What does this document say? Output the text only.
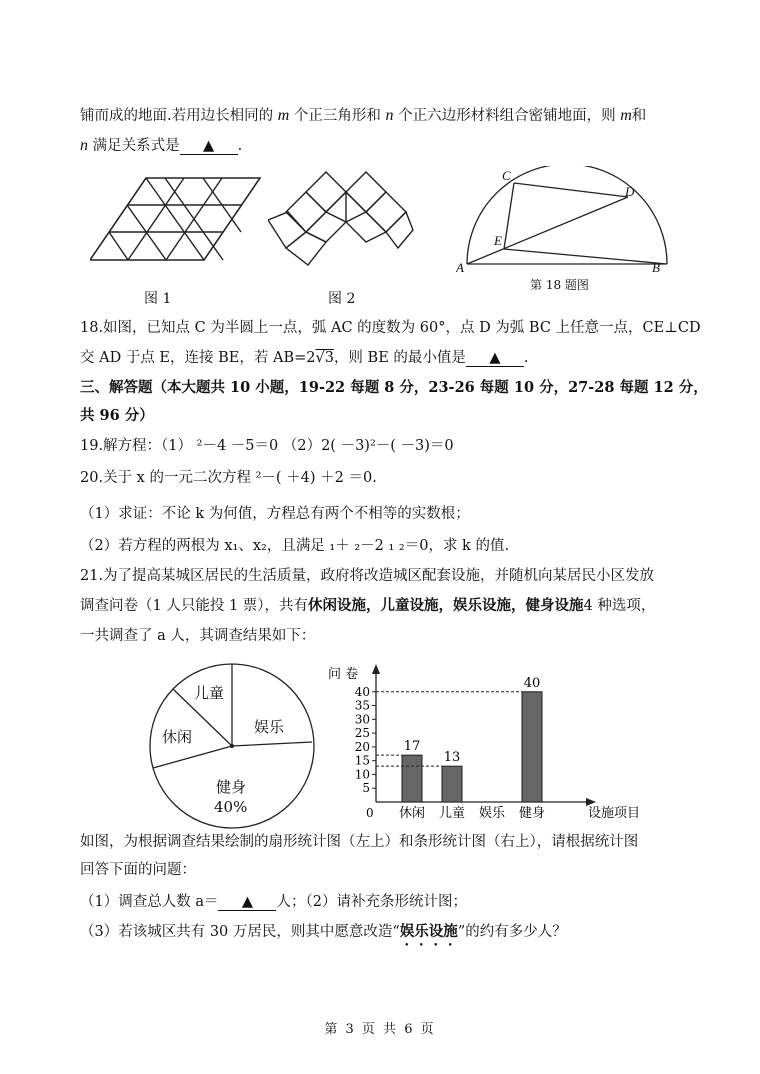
铺而成的地面.若用边长相同的 m 个正三角形和 n 个正六边形材料组合密铺地面，则 m和
n 满足关系式是 ▲ .
图 1	图 2
C
D
E
A	B
第 18 题图
18.如图，已知点 C 为半圆上一点，弧 AC 的度数为 60°，点 D 为弧 BC 上任意一点，CE⊥CD
交 AD 于点 E，连接 BE，若 AB=2√3，则 BE 的最小值是 ▲ .
三、解答题（本大题共 10 小题，19-22 每题 8 分，23-26 每题 10 分，27-28 每题 12 分，
共 96 分）
19.解方程：（1） ²－4 －5＝0 （2）2( －3)²－( －3)＝0
20.关于 x 的一元二次方程 ²－( ＋4) ＋2 ＝0.
（1）求证：不论 k 为何值，方程总有两个不相等的实数根；
（2）若方程的两根为 x₁、x₂，且满足 ₁＋ ₂－2 ₁ ₂＝0，求 k 的值.
21.为了提高某城区居民的生活质量，政府将改造城区配套设施，并随机向某居民小区发放
调查问卷（1 人只能投 1 票），共有休闲设施，儿童设施，娱乐设施，健身设施4 种选项，
一共调查了 a 人，其调查结果如下：
儿童
休闲
娱乐
健身
40%
问 卷
设施项目
0
5
10
15
20
25
30
35
40
17
休闲
13
儿童 娱乐
40
健身
如图，为根据调查结果绘制的扇形统计图（左上）和条形统计图（右上），请根据统计图
回答下面的问题：
（1）调查总人数 a＝ ▲ 人；（2）请补充条形统计图；
（3）若该城区共有 30 万居民，则其中愿意改造“娱乐设施”的约有多少人？
第 3 页 共 6 页
